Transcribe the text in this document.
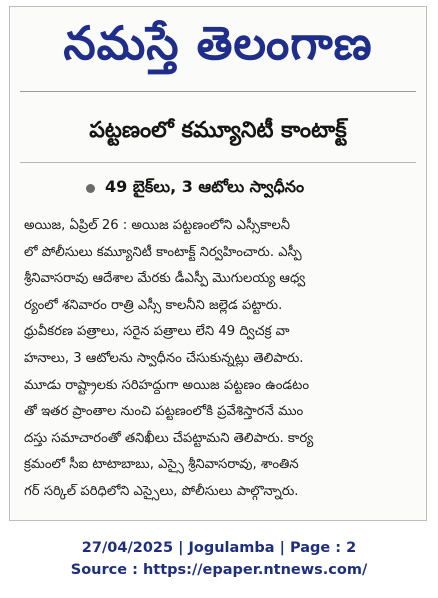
నమస్తే తెలంగాణ
పట్టణంలో కమ్యూనిటీ కాంటాక్ట్
49 బైక్‌లు, 3 ఆటోలు స్వాధీనం
అయిజ, ఏప్రిల్ 26 : అయిజ పట్టణంలోని ఎస్సీకాలనీ
లో పోలీసులు కమ్యూనిటీ కాంటాక్ట్ నిర్వహించారు. ఎస్పీ
శ్రీనివాసరావు ఆదేశాల మేరకు డీఎస్పీ మొగులయ్య ఆధ్వ
ర్యంలో శనివారం రాత్రి ఎస్సీ కాలనీని జల్లెడ పట్టారు.
ధ్రువీకరణ పత్రాలు, సరైన పత్రాలు లేని 49 ద్విచక్ర వా
హనాలు, 3 ఆటోలను స్వాధీనం చేసుకున్నట్లు తెలిపారు.
మూడు రాష్ట్రాలకు సరిహద్దుగా అయిజ పట్టణం ఉండటం
తో ఇతర ప్రాంతాల నుంచి పట్టణంలోకి ప్రవేశిస్తారనే ముం
దస్తు సమాచారంతో తనిఖీలు చేపట్టామని తెలిపారు. కార్య
క్రమంలో సీఐ టాటాబాబు, ఎస్సై శ్రీనివాసరావు, శాంతిన
గర్ సర్కిల్ పరిధిలోని ఎస్సైలు, పోలీసులు పాల్గొన్నారు.
27/04/2025 | Jogulamba | Page : 2
Source : https://epaper.ntnews.com/
